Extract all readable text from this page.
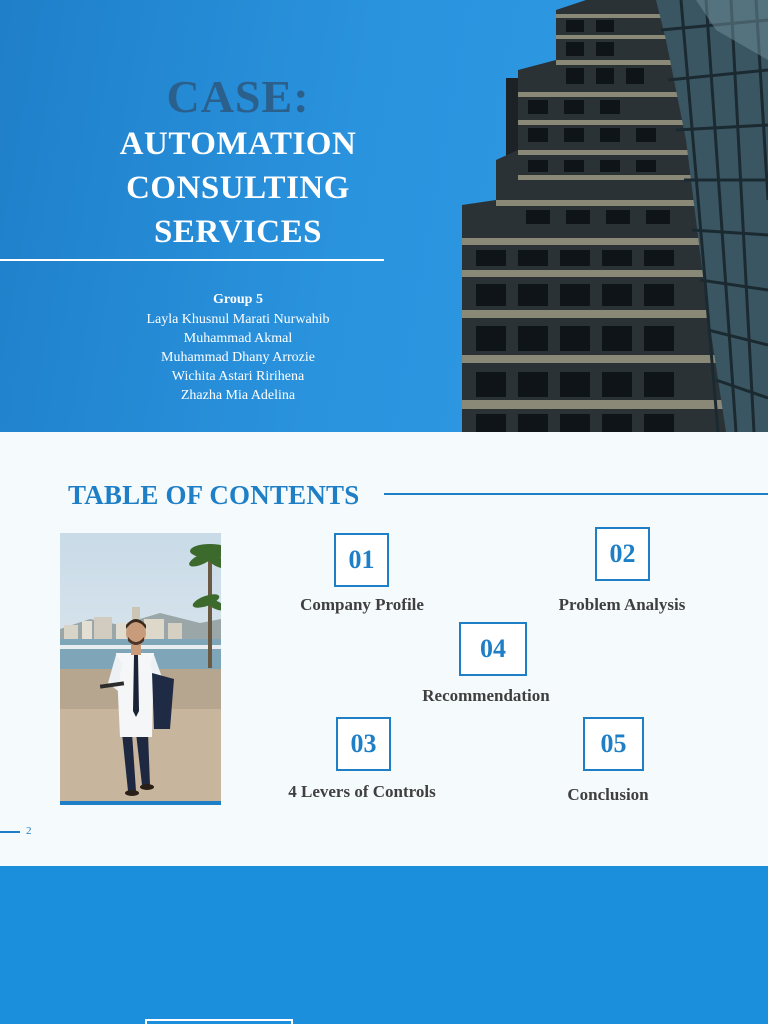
CASE:
AUTOMATION
CONSULTING
SERVICES
Group 5
Layla Khusnul Marati Nurwahib
Muhammad Akmal
Muhammad Dhany Arrozie
Wichita Astari Ririhena
Zhazha Mia Adelina
TABLE OF CONTENTS
01
Company Profile
02
Problem Analysis
04
Recommendation
03
4 Levers of Controls
05
Conclusion
2
